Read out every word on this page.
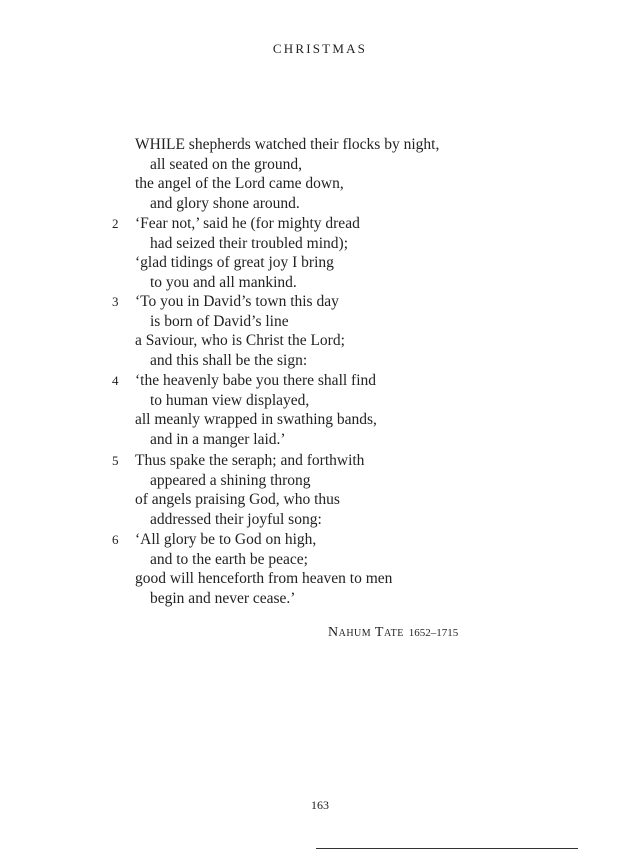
CHRISTMAS
WHILE shepherds watched their flocks by night,
all seated on the ground,
the angel of the Lord came down,
and glory shone around.
2 ‘Fear not,’ said he (for mighty dread
had seized their troubled mind);
‘glad tidings of great joy I bring
to you and all mankind.
3 ‘To you in David’s town this day
is born of David’s line
a Saviour, who is Christ the Lord;
and this shall be the sign:
4 ‘the heavenly babe you there shall find
to human view displayed,
all meanly wrapped in swathing bands,
and in a manger laid.’
5 Thus spake the seraph; and forthwith
appeared a shining throng
of angels praising God, who thus
addressed their joyful song:
6 ‘All glory be to God on high,
and to the earth be peace;
good will henceforth from heaven to men
begin and never cease.’
Nahum Tate 1652–1715
163
